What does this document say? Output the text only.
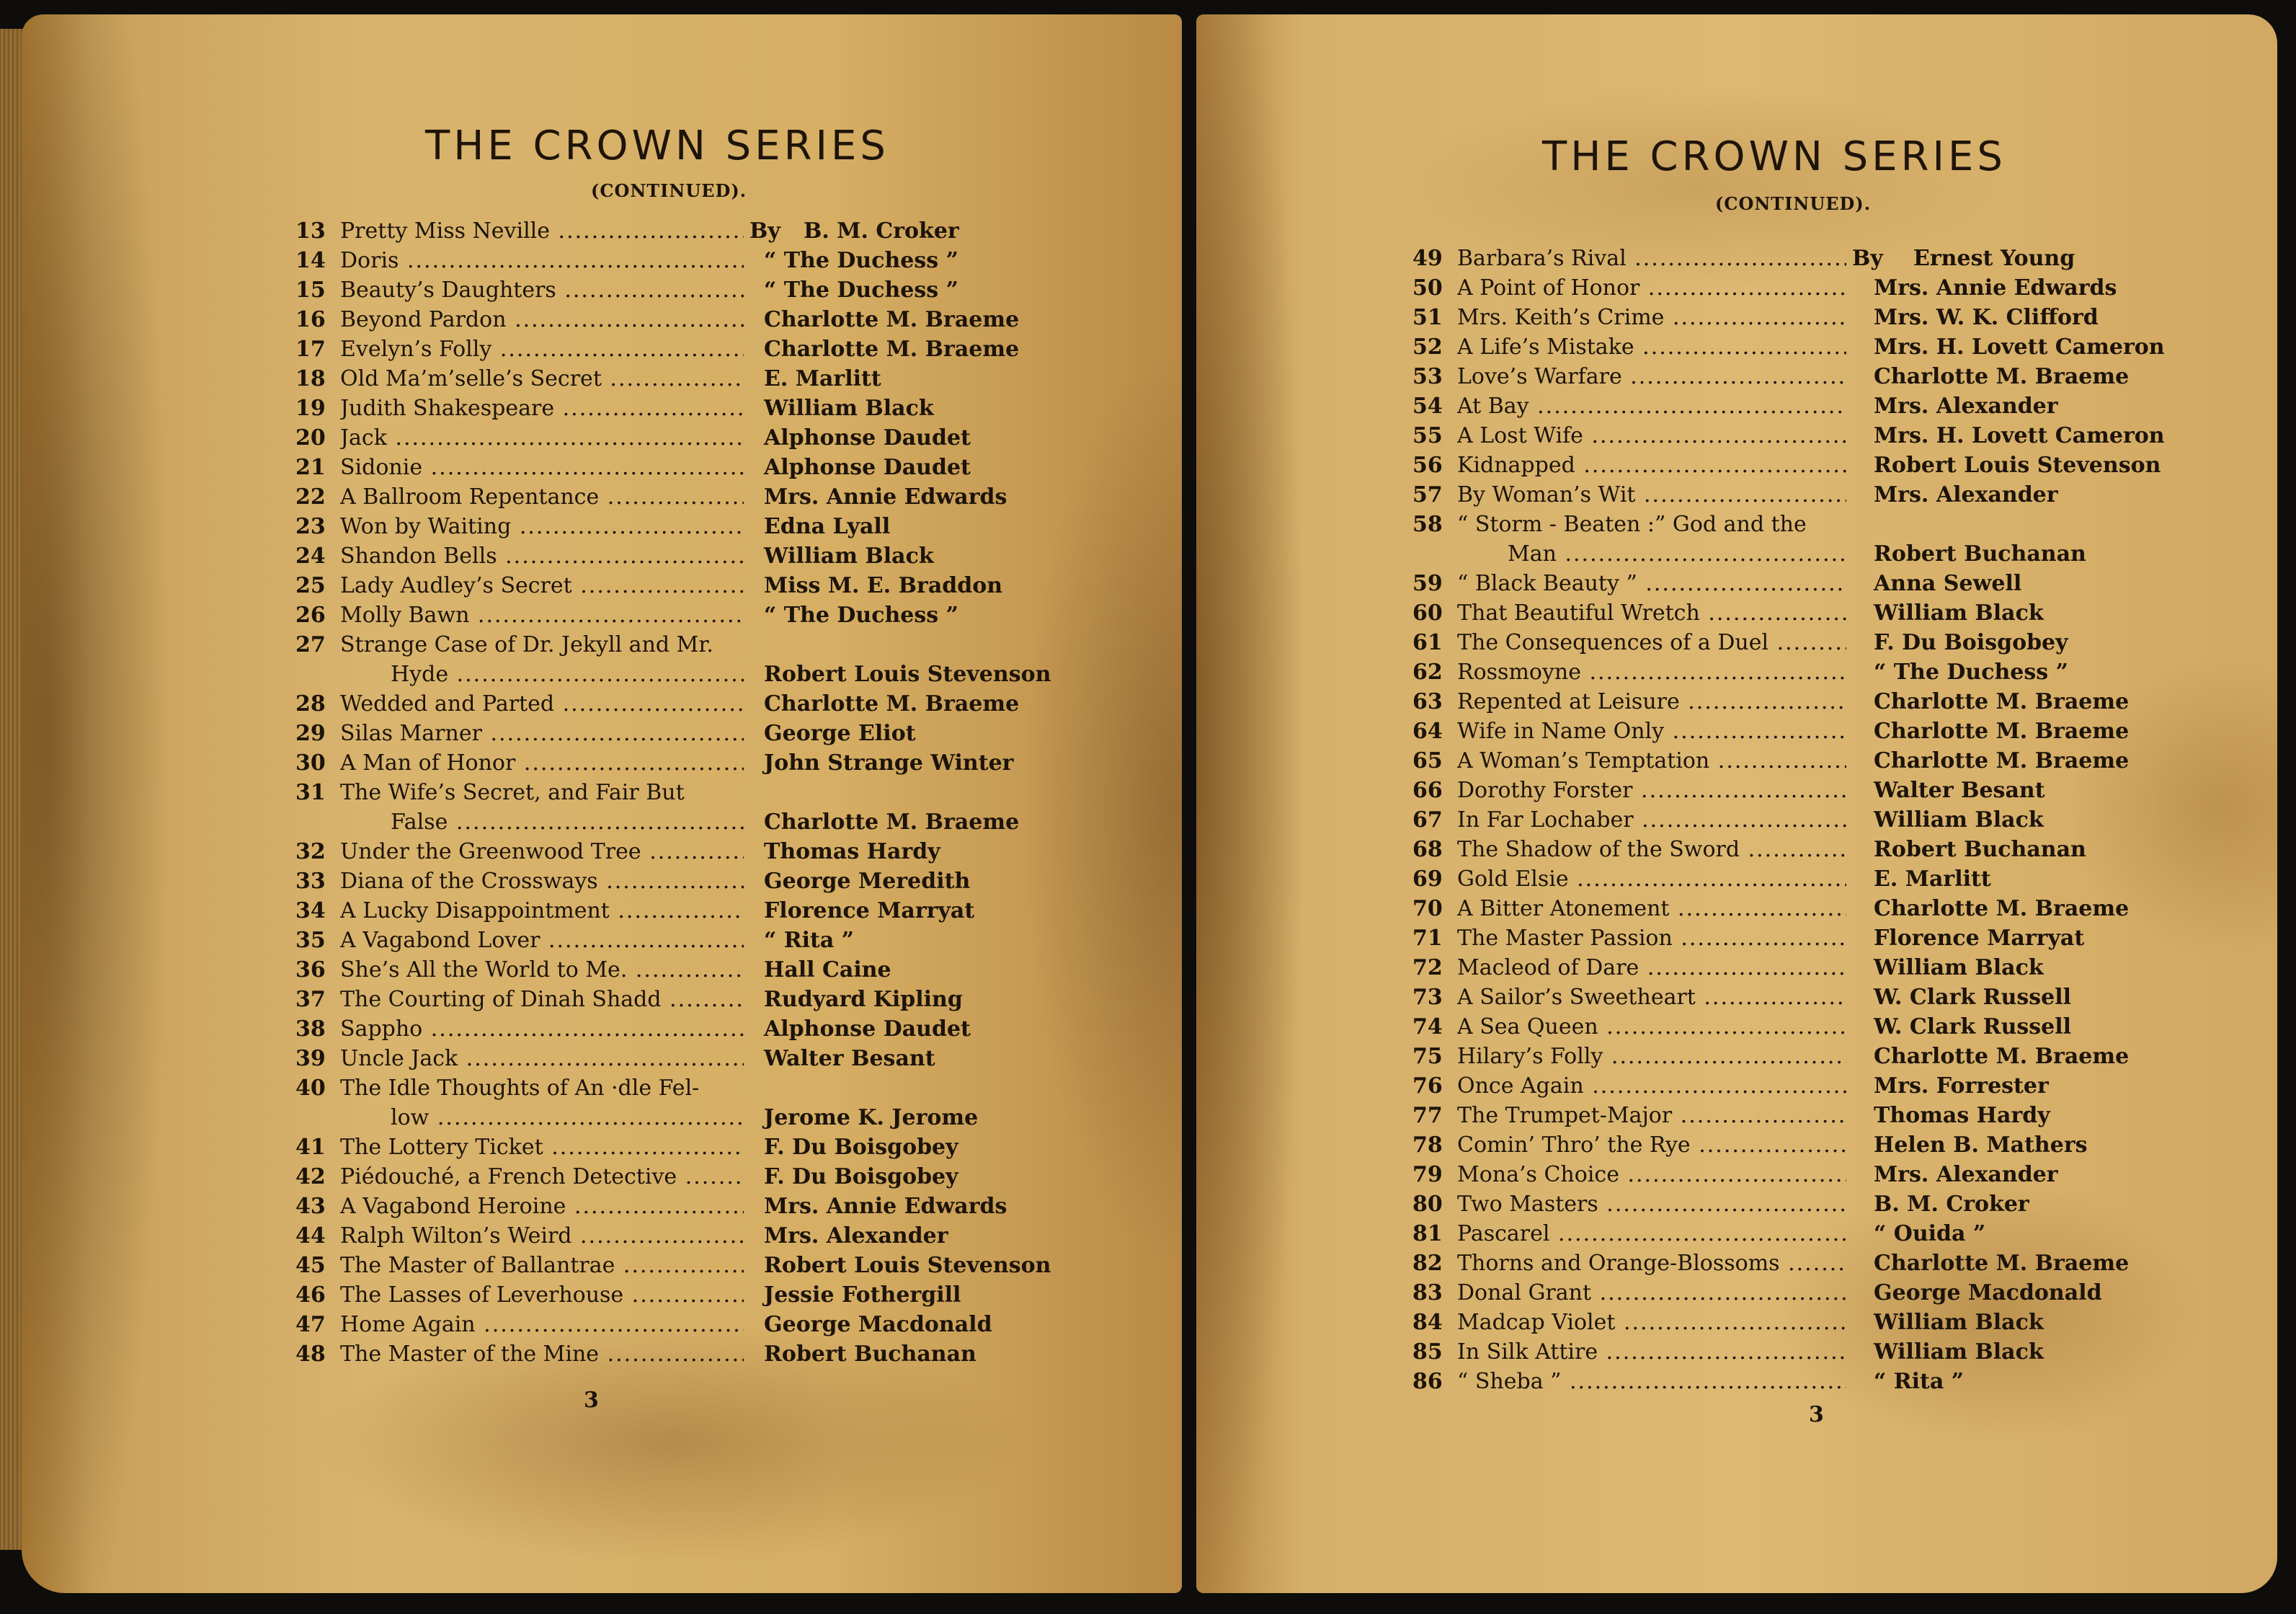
THE CROWN SERIES
(CONTINUED).
13 Pretty Miss Neville .....	By B. M. Croker
14 Doris .....	“ The Duchess ”
15 Beauty’s Daughters .....	“ The Duchess ”
16 Beyond Pardon .....	Charlotte M. Braeme
17 Evelyn’s Folly .....	Charlotte M. Braeme
18 Old Ma’m’selle’s Secret .....	E. Marlitt
19 Judith Shakespeare .....	William Black
20 Jack .....	Alphonse Daudet
21 Sidonie .....	Alphonse Daudet
22 A Ballroom Repentance .....	Mrs. Annie Edwards
23 Won by Waiting .....	Edna Lyall
24 Shandon Bells .....	William Black
25 Lady Audley’s Secret .....	Miss M. E. Braddon
26 Molly Bawn .....	“ The Duchess ”
27 Strange Case of Dr. Jekyll and Mr.
Hyde .....	Robert Louis Stevenson
28 Wedded and Parted .....	Charlotte M. Braeme
29 Silas Marner .....	George Eliot
30 A Man of Honor .....	John Strange Winter
31 The Wife’s Secret, and Fair But
False .....	Charlotte M. Braeme
32 Under the Greenwood Tree .....	Thomas Hardy
33 Diana of the Crossways .....	George Meredith
34 A Lucky Disappointment .....	Florence Marryat
35 A Vagabond Lover .....	“ Rita ”
36 She’s All the World to Me. .....	Hall Caine
37 The Courting of Dinah Shadd .....	Rudyard Kipling
38 Sappho .....	Alphonse Daudet
39 Uncle Jack .....	Walter Besant
40 The Idle Thoughts of An ·dle Fel-
low .....	Jerome K. Jerome
41 The Lottery Ticket .....	F. Du Boisgobey
42 Piédouché, a French Detective .....	F. Du Boisgobey
43 A Vagabond Heroine .....	Mrs. Annie Edwards
44 Ralph Wilton’s Weird .....	Mrs. Alexander
45 The Master of Ballantrae .....	Robert Louis Stevenson
46 The Lasses of Leverhouse .....	Jessie Fothergill
47 Home Again .....	George Macdonald
48 The Master of the Mine .....	Robert Buchanan
3
THE CROWN SERIES
(CONTINUED).
49 Barbara’s Rival .....	By Ernest Young
50 A Point of Honor .....	Mrs. Annie Edwards
51 Mrs. Keith’s Crime .....	Mrs. W. K. Clifford
52 A Life’s Mistake .....	Mrs. H. Lovett Cameron
53 Love’s Warfare .....	Charlotte M. Braeme
54 At Bay .....	Mrs. Alexander
55 A Lost Wife .....	Mrs. H. Lovett Cameron
56 Kidnapped .....	Robert Louis Stevenson
57 By Woman’s Wit .....	Mrs. Alexander
58 “ Storm - Beaten :” God and the
Man .....	Robert Buchanan
59 “ Black Beauty ” .....	Anna Sewell
60 That Beautiful Wretch .....	William Black
61 The Consequences of a Duel .....	F. Du Boisgobey
62 Rossmoyne .....	“ The Duchess ”
63 Repented at Leisure .....	Charlotte M. Braeme
64 Wife in Name Only .....	Charlotte M. Braeme
65 A Woman’s Temptation .....	Charlotte M. Braeme
66 Dorothy Forster .....	Walter Besant
67 In Far Lochaber .....	William Black
68 The Shadow of the Sword .....	Robert Buchanan
69 Gold Elsie .....	E. Marlitt
70 A Bitter Atonement .....	Charlotte M. Braeme
71 The Master Passion .....	Florence Marryat
72 Macleod of Dare .....	William Black
73 A Sailor’s Sweetheart .....	W. Clark Russell
74 A Sea Queen .....	W. Clark Russell
75 Hilary’s Folly .....	Charlotte M. Braeme
76 Once Again .....	Mrs. Forrester
77 The Trumpet-Major .....	Thomas Hardy
78 Comin’ Thro’ the Rye .....	Helen B. Mathers
79 Mona’s Choice .....	Mrs. Alexander
80 Two Masters .....	B. M. Croker
81 Pascarel .....	“ Ouida ”
82 Thorns and Orange-Blossoms .....	Charlotte M. Braeme
83 Donal Grant .....	George Macdonald
84 Madcap Violet .....	William Black
85 In Silk Attire .....	William Black
86 “ Sheba ” .....	“ Rita ”
3
